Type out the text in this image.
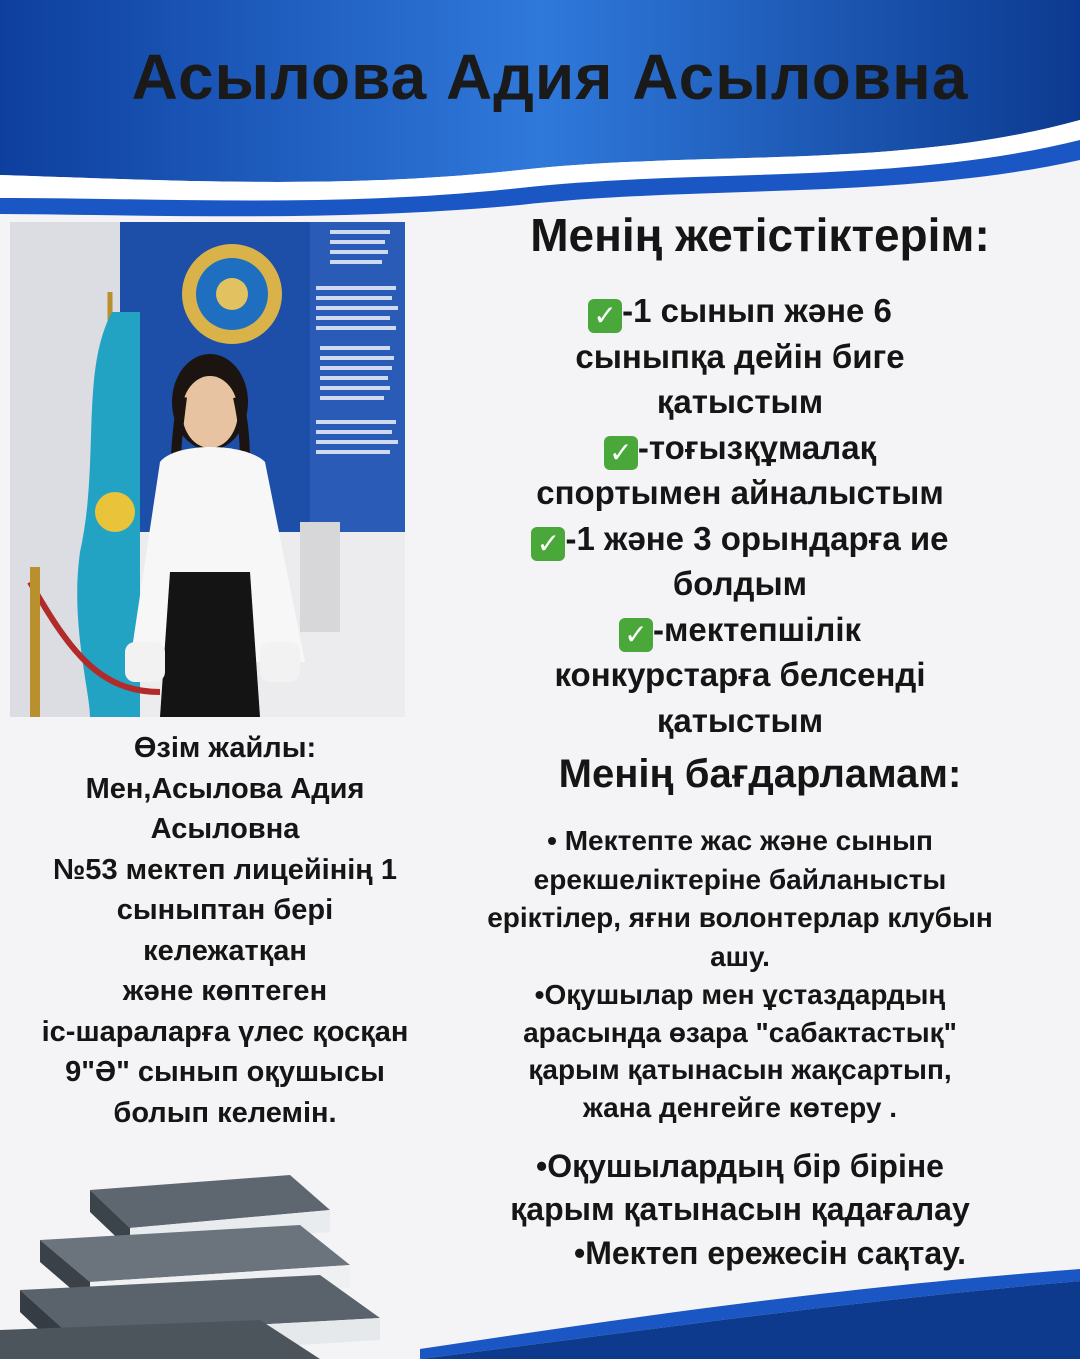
Асылова Адия Асыловна
Өзім жайлы:
Мен,Асылова Адия
Асыловна
№53 мектеп лицейінің 1
сыныптан бері
кележатқан
және көптеген
іс-шараларға үлес қосқан
9"Ә" сынып оқушысы
болып келемін.
Менің жетістіктерім:
✓ -1 сынып және 6
сыныпқа дейін биге
қатыстым
✓ -тоғызқұмалақ
спортымен айналыстым
✓ -1 және 3 орындарға ие
болдым
✓ -мектепшілік
конкурстарға белсенді
қатыстым
Менің бағдарламам:
• Мектепте жас және сынып
ерекшеліктеріне байланысты
еріктілер, яғни волонтерлар клубын
ашу.
•Оқушылар мен ұстаздардың
арасында өзара "сабактастық"
қарым қатынасын жақсартып,
жана денгейге көтеру .
•Оқушылардың бір біріне
қарым қатынасын қадағалау
•Мектеп ережесін сақтау.
